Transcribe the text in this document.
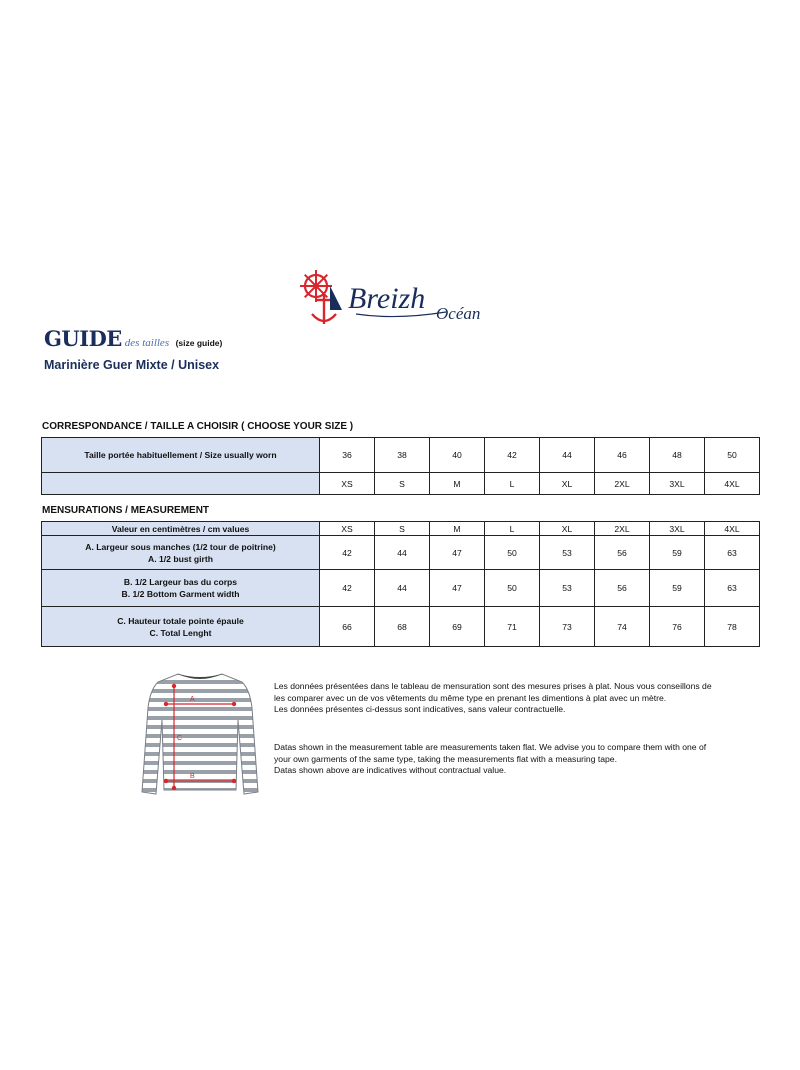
Breizh Océan
GUIDE des tailles (size guide)
Marinière Guer Mixte / Unisex
CORRESPONDANCE / TAILLE A CHOISIR ( CHOOSE YOUR SIZE )
Taille portée habituellement / Size usually worn	36	38	40	42	44	46	48	50
	XS	S	M	L	XL	2XL	3XL	4XL
MENSURATIONS / MEASUREMENT
Valeur en centimètres / cm values	XS	S	M	L	XL	2XL	3XL	4XL

A. Largeur sous manches (1/2 tour de poitrine)
A. 1/2 bust girth	42	44	47	50	53	56	59	63

B. 1/2 Largeur bas du corps
B. 1/2 Bottom Garment width	42	44	47	50	53	56	59	63

C. Hauteur totale pointe épaule
C. Total Lenght	66	68	69	71	73	74	76	78
A
B
C

Les données présentées dans le tableau de mensuration sont des mesures prises à plat. Nous vous conseillons de les comparer avec un de vos vêtements du même type en prenant les dimentions à plat avec un mètre.

Les données présentes ci-dessus sont indicatives, sans valeur contractuelle.

Datas shown in the measurement table are measurements taken flat. We advise you to compare them with one of your own garments of the same type, taking the measurements flat with a measuring tape.

Datas shown above are indicatives without contractual value.
